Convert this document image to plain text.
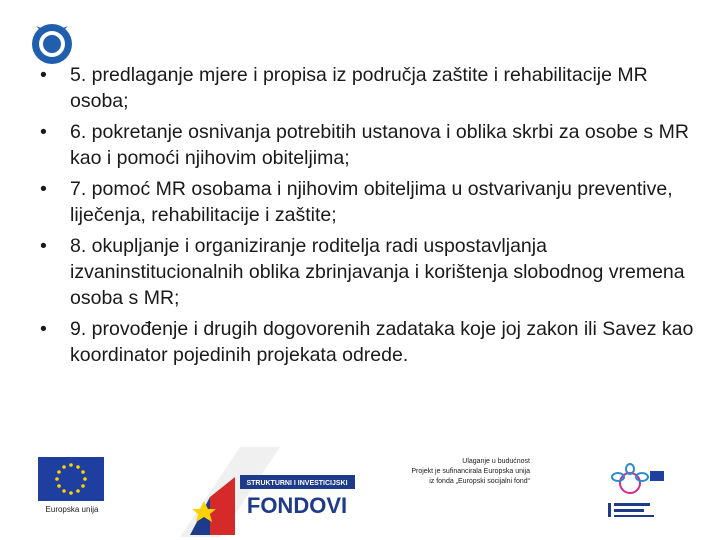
• 5. predlaganje mjere i propisa iz područja zaštite i rehabilitacije MR osoba;
• 6. pokretanje osnivanja potrebitih ustanova i oblika skrbi za osobe s MR kao i pomoći njihovim obiteljima;
• 7. pomoć MR osobama i njihovim obiteljima u ostvarivanju preventive, liječenja, rehabilitacije i zaštite;
• 8. okupljanje i organiziranje roditelja radi uspostavljanja izvaninstitucionalnih oblika zbrinjavanja i korištenja slobodnog vremena osoba s MR;
• 9. provođenje i drugih dogovorenih zadataka koje joj zakon ili Savez kao koordinator pojedinih projekata odrede.
Europska unija
STRUKTURNI I INVESTICIJSKI
FONDOVI
Ulaganje u budućnost
Projekt je sufinancirala Europska unija
iz fonda „Europski socijalni fond“
